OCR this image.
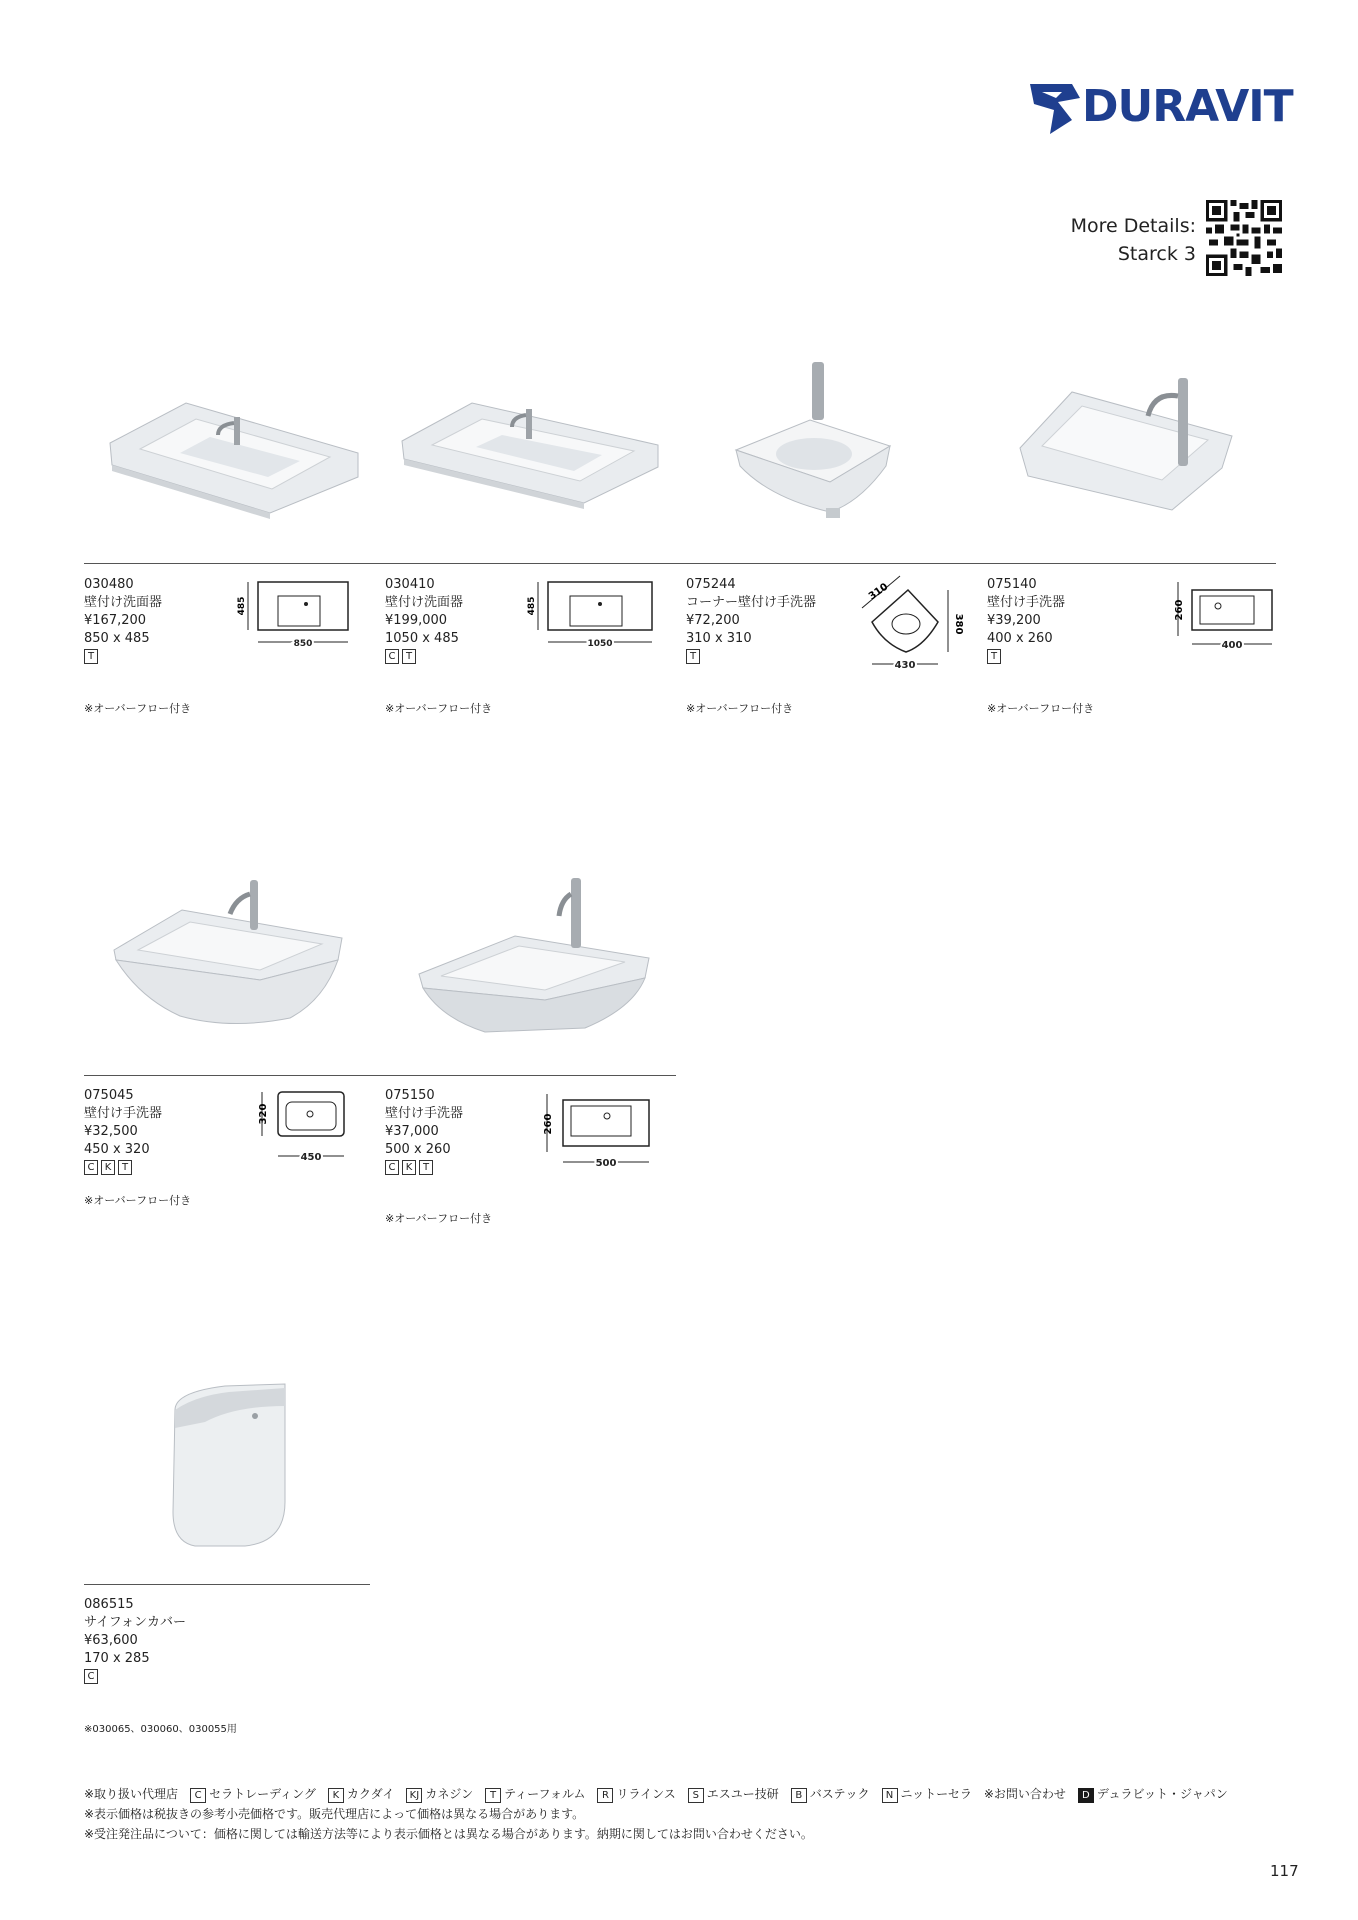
DURAVIT
More Details:
Starck 3
030480
壁付け洗面器
¥167,200
850 x 485
T
030410
壁付け洗面器
¥199,000
1050 x 485
C	T
075244
コーナー壁付け手洗器
¥72,200
310 x 310
T
075140
壁付け手洗器
¥39,200
400 x 260
T
485
850
485
1050
310
380
430
260
400
※オーバーフロー付き	※オーバーフロー付き	※オーバーフロー付き	※オーバーフロー付き
075045
壁付け手洗器
¥32,500
450 x 320
C	K	T
075150
壁付け手洗器
¥37,000
500 x 260
C	K	T
320
450
260
500
※オーバーフロー付き
※オーバーフロー付き
086515
サイフォンカバー
¥63,600
170 x 285
C
※030065、030060、030055用
※取り扱い代理店	C セラトレーディング	K カクダイ	KJ カネジン	T ティーフォルム	R リラインス	S エスユー技研	B バステック	N ニットーセラ ※お問い合わせ	D デュラビット・ジャパン
※表示価格は税抜きの参考小売価格です。販売代理店によって価格は異なる場合があります。
※受注発注品について：価格に関しては輸送方法等により表示価格とは異なる場合があります。納期に関してはお問い合わせください。
117
